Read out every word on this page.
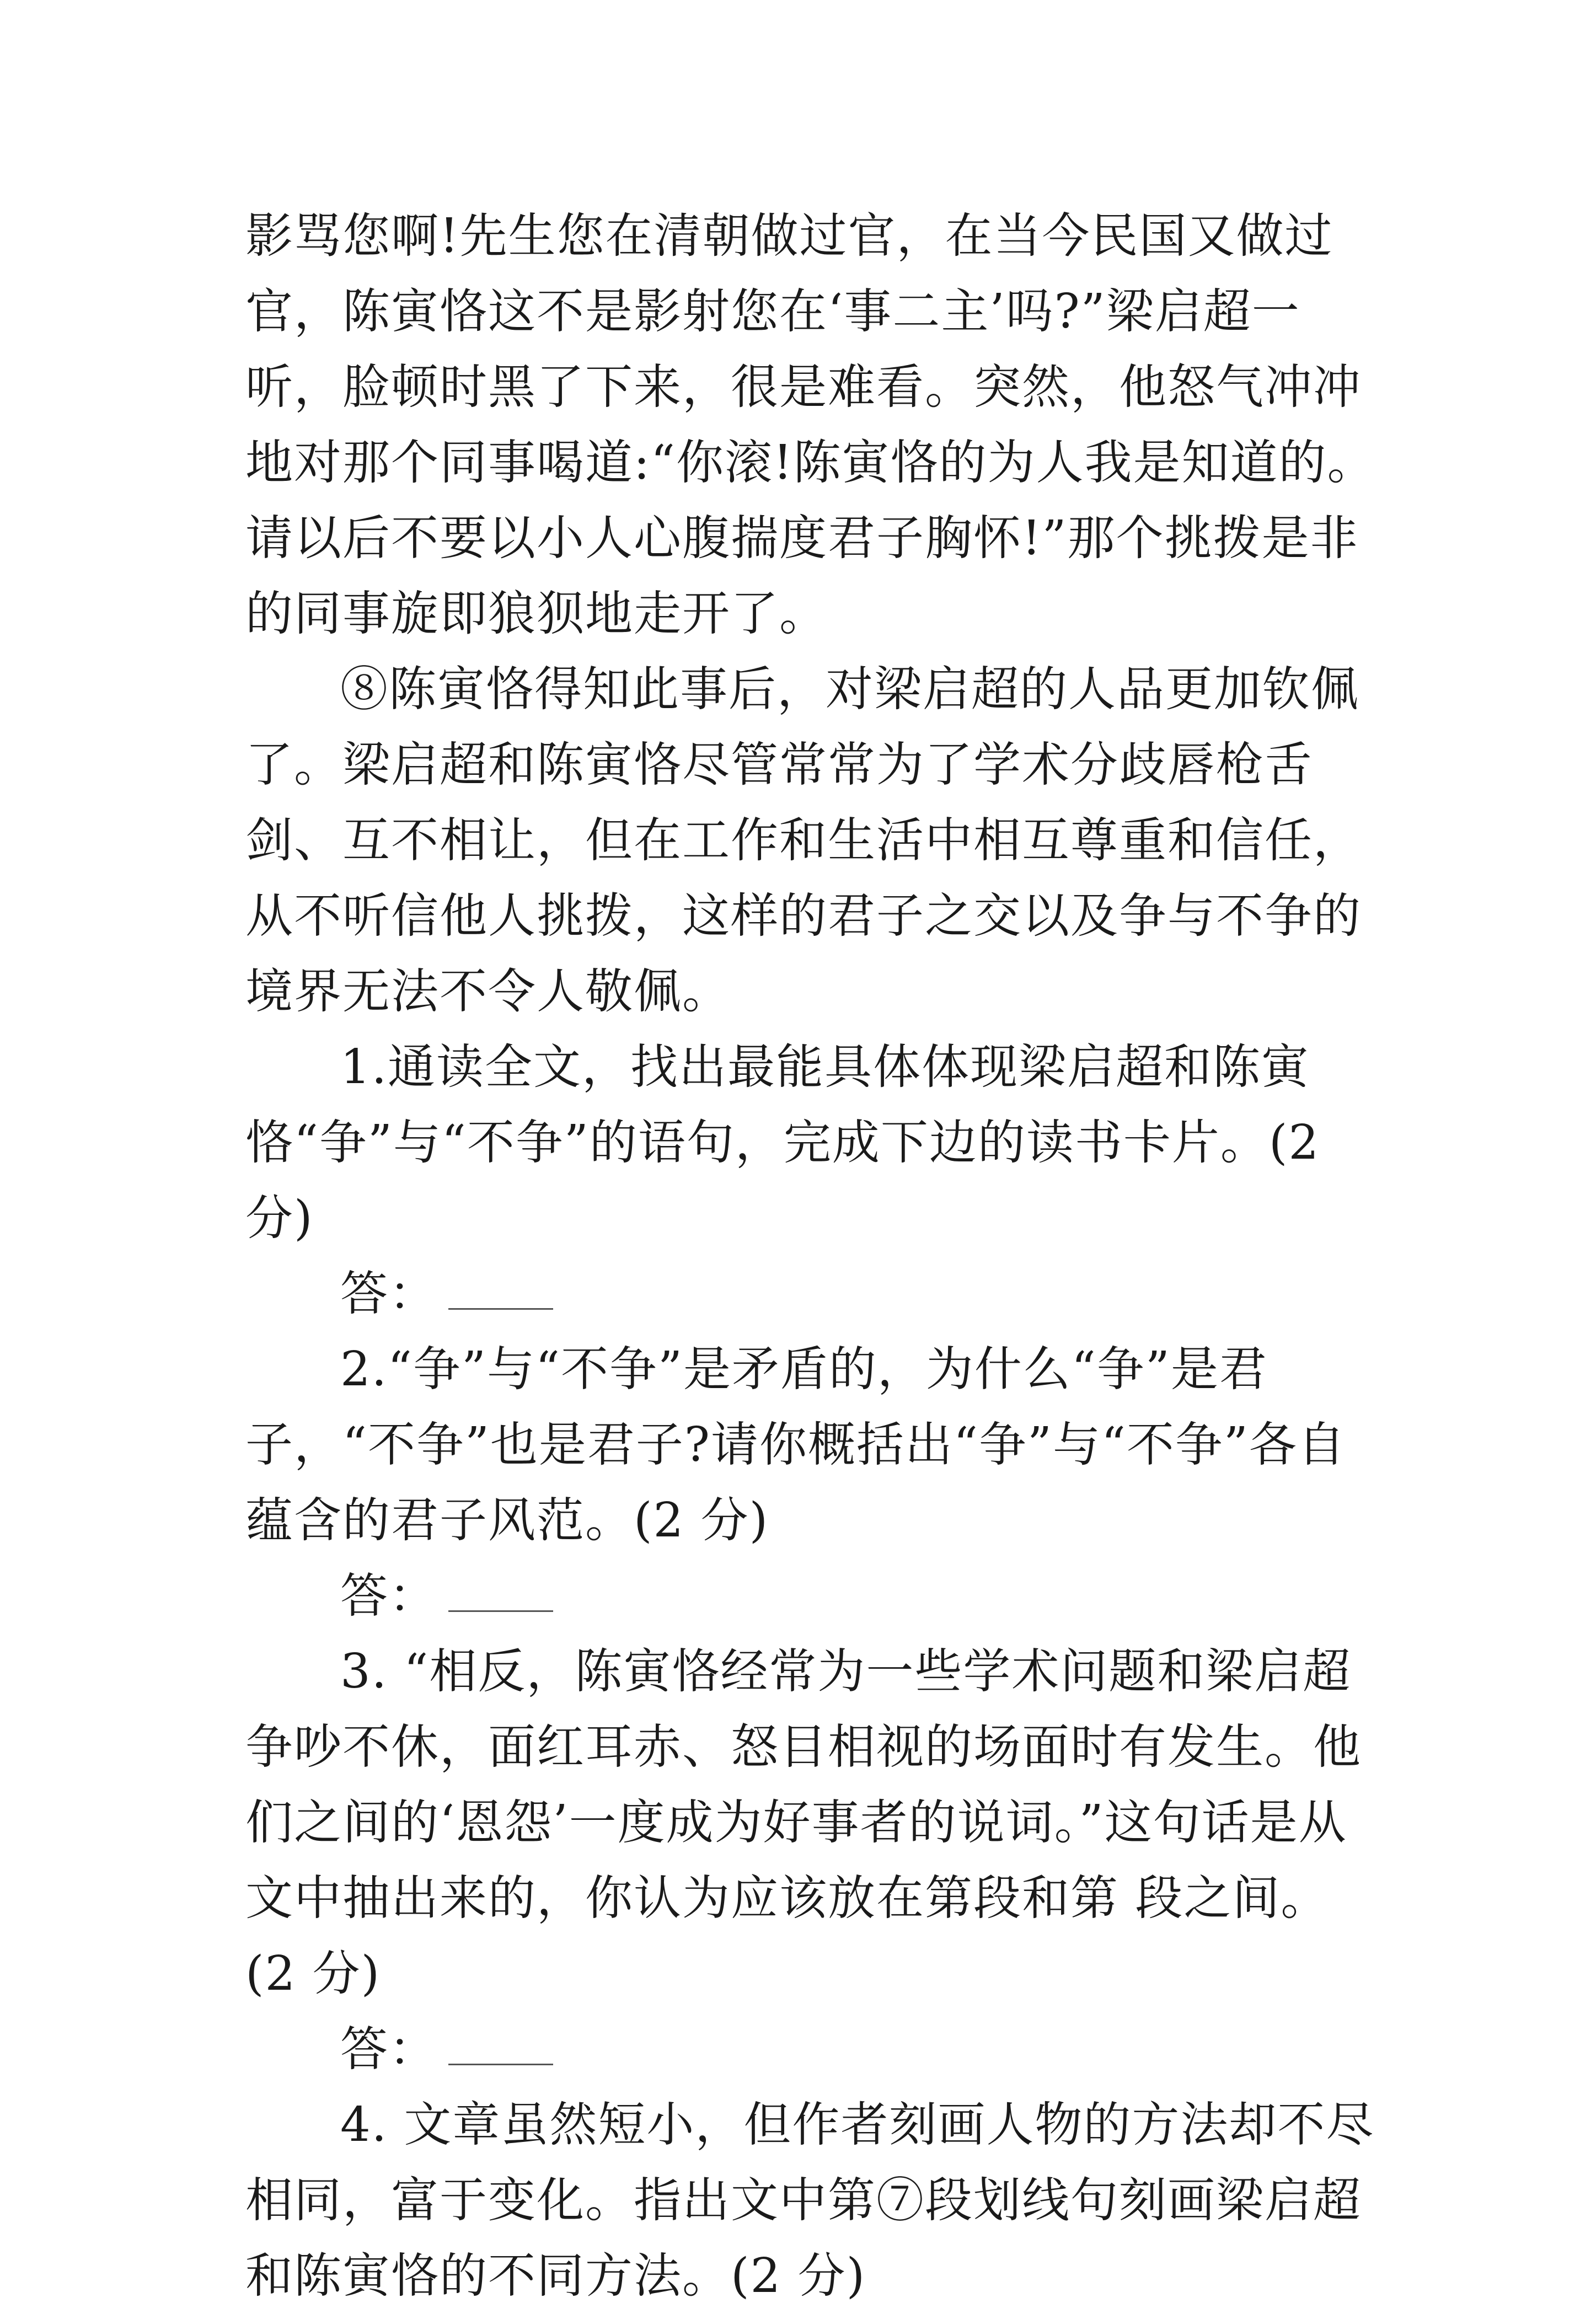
影骂您啊!先生您在清朝做过官，在当今民国又做过官，陈寅恪这不是影射您在‘事二主’吗?”梁启超一听，脸顿时黑了下来，很是难看。突然，他怒气冲冲地对那个同事喝道:“你滚!陈寅恪的为人我是知道的。请以后不要以小人心腹揣度君子胸怀!”那个挑拨是非的同事旋即狼狈地走开了。

⑧陈寅恪得知此事后，对梁启超的人品更加钦佩了。梁启超和陈寅恪尽管常常为了学术分歧唇枪舌剑、互不相让，但在工作和生活中相互尊重和信任，从不听信他人挑拨，这样的君子之交以及争与不争的境界无法不令人敬佩。

1.通读全文，找出最能具体体现梁启超和陈寅恪“争”与“不争”的语句，完成下边的读书卡片。(2 分)

答：

2.“争”与“不争”是矛盾的，为什么“争”是君子，“不争”也是君子?请你概括出“争”与“不争”各自蕴含的君子风范。(2 分)

答：

3. “相反，陈寅恪经常为一些学术问题和梁启超争吵不休，面红耳赤、怒目相视的场面时有发生。他们之间的‘恩怨’一度成为好事者的说词。”这句话是从文中抽出来的，你认为应该放在第段和第 段之间。(2 分)

答：

4. 文章虽然短小，但作者刻画人物的方法却不尽相同，富于变化。指出文中第⑦段划线句刻画梁启超和陈寅恪的不同方法。(2 分)
